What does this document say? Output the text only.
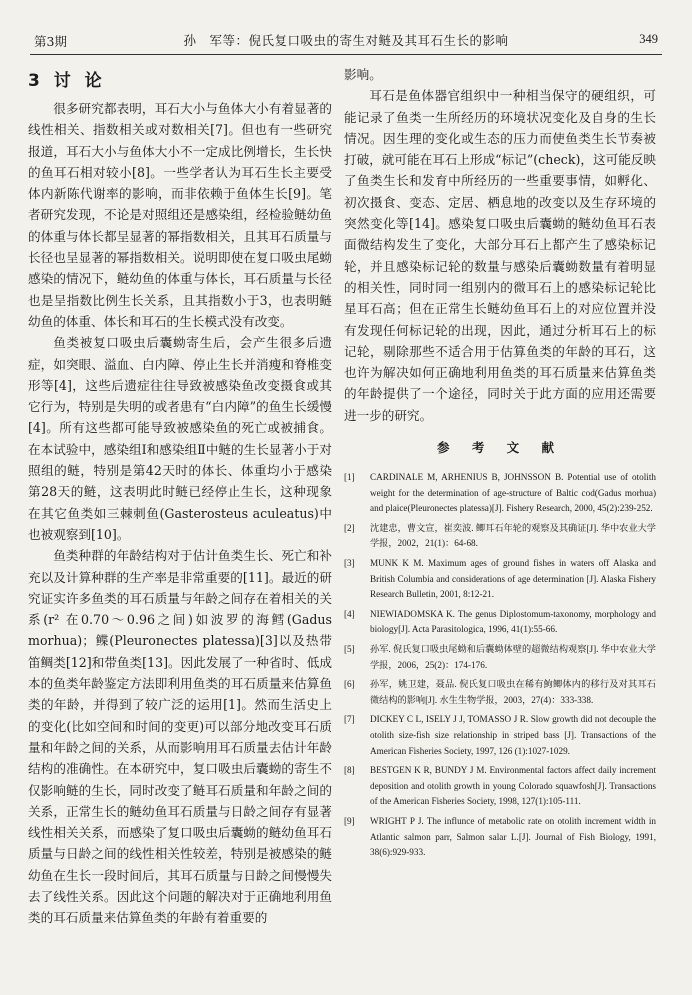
第3期	孙　军等：倪氏复口吸虫的寄生对鲢及其耳石生长的影响	349
3 讨 论

很多研究都表明，耳石大小与鱼体大小有着显著的线性相关、指数相关或对数相关[7]。但也有一些研究报道，耳石大小与鱼体大小不一定成比例增长，生长快的鱼耳石相对较小[8]。一些学者认为耳石生长主要受体内新陈代谢率的影响，而非依赖于鱼体生长[9]。笔者研究发现，不论是对照组还是感染组，经检验鲢幼鱼的体重与体长都呈显著的幂指数相关，且其耳石质量与长径也呈显著的幂指数相关。说明即使在复口吸虫尾蚴感染的情况下，鲢幼鱼的体重与体长，耳石质量与长径也是呈指数比例生长关系，且其指数小于3，也表明鲢幼鱼的体重、体长和耳石的生长模式没有改变。

鱼类被复口吸虫后囊蚴寄生后，会产生很多后遗症，如突眼、溢血、白内障、停止生长并消瘦和脊椎变形等[4]，这些后遗症往往导致被感染鱼改变摄食或其它行为，特别是失明的或者患有“白内障”的鱼生长缓慢[4]。所有这些都可能导致被感染鱼的死亡或被捕食。在本试验中，感染组Ⅰ和感染组Ⅱ中鲢的生长显著小于对照组的鲢，特别是第42天时的体长、体重均小于感染第28天的鲢，这表明此时鲢已经停止生长，这种现象在其它鱼类如三棘刺鱼(Gasterosteus aculeatus)中也被观察到[10]。

鱼类种群的年龄结构对于估计鱼类生长、死亡和补充以及计算种群的生产率是非常重要的[11]。最近的研究证实许多鱼类的耳石质量与年龄之间存在着相关的关系(r² 在0.70～0.96之间)如波罗的海鳕(Gadus morhua)；鲽(Pleuronectes platessa)[3]以及热带笛鲷类[12]和带鱼类[13]。因此发展了一种省时、低成本的鱼类年龄鉴定方法即利用鱼类的耳石质量来估算鱼类的年龄，并得到了较广泛的运用[1]。然而生活史上的变化(比如空间和时间的变更)可以部分地改变耳石质量和年龄之间的关系，从而影响用耳石质量去估计年龄结构的准确性。在本研究中，复口吸虫后囊蚴的寄生不仅影响鲢的生长，同时改变了鲢耳石质量和年龄之间的关系，正常生长的鲢幼鱼耳石质量与日龄之间存有显著线性相关关系，而感染了复口吸虫后囊蚴的鲢幼鱼耳石质量与日龄之间的线性相关性较差，特别是被感染的鲢幼鱼在生长一段时间后，其耳石质量与日龄之间慢慢失去了线性关系。因此这个问题的解决对于正确地利用鱼类的耳石质量来估算鱼类的年龄有着重要的

影响。

耳石是鱼体器官组织中一种相当保守的硬组织，可能记录了鱼类一生所经历的环境状况变化及自身的生长情况。因生理的变化或生态的压力而使鱼类生长节奏被打破，就可能在耳石上形成“标记”(check)，这可能反映了鱼类生长和发育中所经历的一些重要事情，如孵化、初次摄食、变态、定居、栖息地的改变以及生存环境的突然变化等[14]。感染复口吸虫后囊蚴的鲢幼鱼耳石表面微结构发生了变化，大部分耳石上都产生了感染标记轮，并且感染标记轮的数量与感染后囊蚴数量有着明显的相关性，同时同一组别内的微耳石上的感染标记轮比星耳石高；但在正常生长鲢幼鱼耳石上的对应位置并没有发现任何标记轮的出现，因此，通过分析耳石上的标记轮，剔除那些不适合用于估算鱼类的年龄的耳石，这也许为解决如何正确地利用鱼类的耳石质量来估算鱼类的年龄提供了一个途径，同时关于此方面的应用还需要进一步的研究。

参 考 文 献
[1] CARDINALE M, ARHENIUS B, JOHNSSON B. Potential use of otolith weight for the determination of age-structure of Baltic cod(Gadus morhua) and plaice(Pleuronectes platessa)[J]. Fishery Research, 2000, 45(2):239-252.
[2] 沈建忠，曹文宣，崔奕波. 鲫耳石年轮的观察及其确证[J]. 华中农业大学学报，2002，21(1)：64-68.
[3] MUNK K M. Maximum ages of ground fishes in waters off Alaska and British Columbia and considerations of age determination [J]. Alaska Fishery Research Bulletin, 2001, 8:12-21.
[4] NIEWIADOMSKA K. The genus Diplostomum-taxonomy, morphology and biology[J]. Acta Parasitologica, 1996, 41(1):55-66.
[5] 孙军. 倪氏复口吸虫尾蚴和后囊蚴体壁的超微结构观察[J]. 华中农业大学学报，2006，25(2)：174-176.
[6] 孙军，姚卫建，聂品. 倪氏复口吸虫在稀有鮈鲫体内的移行及对其耳石微结构的影响[J]. 水生生物学报，2003，27(4)：333-338.
[7] DICKEY C L, ISELY J J, TOMASSO J R. Slow growth did not decouple the otolith size-fish size relationship in striped bass [J]. Transactions of the American Fisheries Society, 1997, 126 (1):1027-1029.
[8] BESTGEN K R, BUNDY J M. Environmental factors affect daily increment deposition and otolith growth in young Colorado squawfosh[J]. Transactions of the American Fisheries Society, 1998, 127(1):105-111.
[9] WRIGHT P J. The influnce of metabolic rate on otolith increment width in Atlantic salmon parr, Salmon salar L.[J]. Journal of Fish Biology, 1991, 38(6):929-933.
